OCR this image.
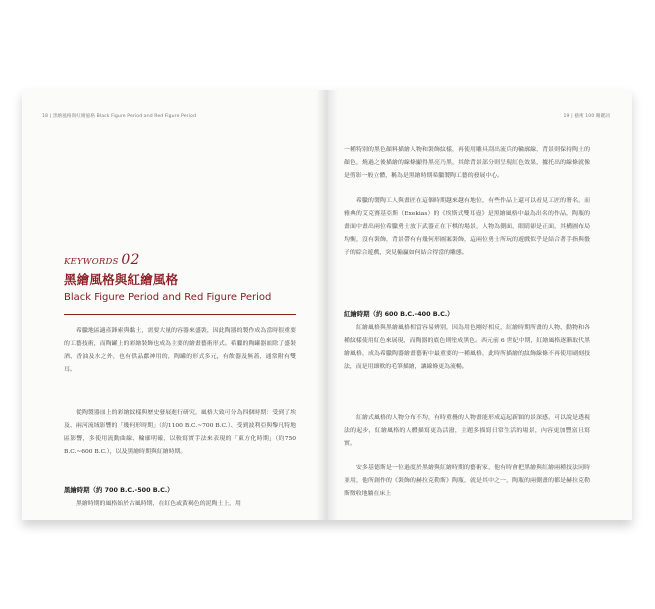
18 | 黑繪風格與紅繪風格 Black Figure Period and Red Figure Period
KEYWORDS 02
黑繪風格與紅繪風格
Black Figure Period and Red Figure Period

希臘地區適產鋒索與黏土，需要大量的容器來盛裝，因此陶器的製作成為當時很重要的工藝技術，而陶罐上的彩繪裝飾也成為主要的繪畫藝術形式。希臘的陶罐器皿除了盛裝酒、香油及水之外，也有供品獻神用的，陶罐的形式多元，有飲器及無蓋，通常附有雙耳。

從陶製器皿上的彩繪紋樣與歷史發展進行研究，風格大致可分為四個時期：受到了埃及、兩河流域影響的「幾何形時期」（約1100 B.C.~700 B.C.）、受到波利亞與黎凡特地區影響，多使用流動曲線、輪廓明確，以較寫實手法來表現的「東方化時期」（約750 B.C.~600 B.C.），以及黑繪時期與紅繪時期。

黑繪時期（約 700 B.C.-500 B.C.）

黑繪時期的風格始於古風時期，在紅色或黃褐色的泥陶土上，用

19 | 藝術 100 關鍵詞

一種特別的黑色顏料描繪人物和裝飾紋樣，再使用雕具刮出流兵的輪廓線，背景則保持陶土的顏色，燒過之後描繪的線條顯得黑亮乃黑，其餘背景部分則呈現紅色效果，據托出的線條就像是剪影一般立體，稱為是黑繪時期希臘製陶工藝的發展中心。

希臘的製陶工人與畫匠在這個時期越來越有地位，有些作品上還可以看見工匠的署名，而雅典的艾克賽基亞斯（Exekias）的《埃斯式雙耳壺》是黑繪風格中最為出名的作品，陶瓶的畫面中畫出兩位希臘勇士放下武器正在下棋的場景，人物為側面，眼睛卻是正面，其構圖布局均衡，沒有裝飾，背景帶有有幾何形圖案裝飾，這兩位勇士所玩的遊戲似乎是結合著手指與骰子的綜合遊戲，突見輸贏如何結合得當的雕態。

紅繪時期（約 600 B.C.-400 B.C.）

紅繪風格與黑繪風格相當容易辨別，因為用色剛好相反，紅繪時期所畫的人物、動物和各種紋樣使用紅色來展現，而陶器的底色則塗成黑色。西元前 6 世紀中期，紅繪風格逐漸取代黑繪風格，成為希臘陶器繪畫藝術中最重要的一種風格，此時所描繪的紋飾線條不再使用刷刻技法，而是用細軟的毛筆描繪，讓線條更為流暢。

紅繪式風格的人物分布不均，有時重疊的人物畫能形成這起新穎的景深感，可以說是透視法的起步，紅繪風格的人體描寫更為活潑，主題多描寫日常生活的場景，內容更加豐富且寫實。

安多基德斯是一位過度於黑繪與紅繪時期的藝術家，他有時會把黑繪與紅繪兩種技法同時並用，他所創作的《裝飾的赫拉克勒斯》陶瓶，就是其中之一，陶瓶的兩側畫的都是赫拉克勒斯徵收地躺在床上
